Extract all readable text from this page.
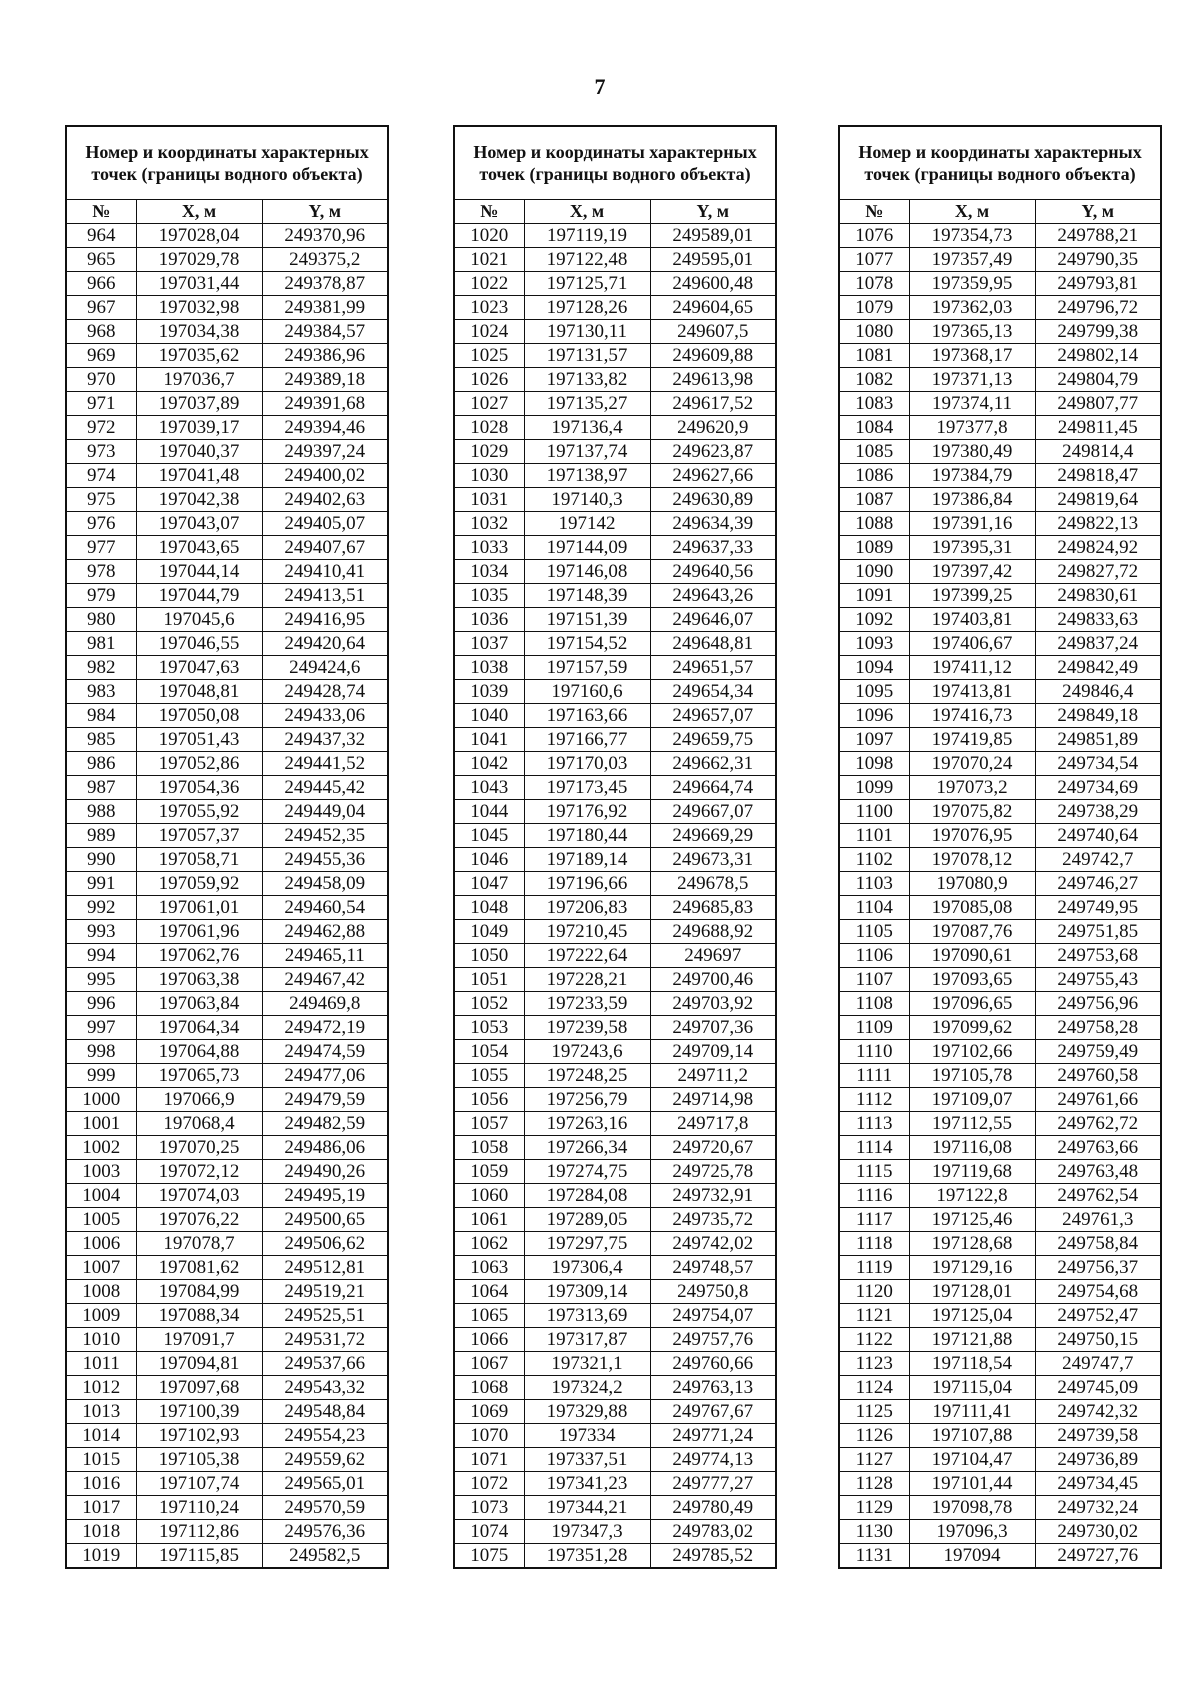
7
Номер и координаты характерных точек (границы водного объекта)		
№	X, м	Y, м
964	197028,04	249370,96
965	197029,78	249375,2
966	197031,44	249378,87
967	197032,98	249381,99
968	197034,38	249384,57
969	197035,62	249386,96
970	197036,7	249389,18
971	197037,89	249391,68
972	197039,17	249394,46
973	197040,37	249397,24
974	197041,48	249400,02
975	197042,38	249402,63
976	197043,07	249405,07
977	197043,65	249407,67
978	197044,14	249410,41
979	197044,79	249413,51
980	197045,6	249416,95
981	197046,55	249420,64
982	197047,63	249424,6
983	197048,81	249428,74
984	197050,08	249433,06
985	197051,43	249437,32
986	197052,86	249441,52
987	197054,36	249445,42
988	197055,92	249449,04
989	197057,37	249452,35
990	197058,71	249455,36
991	197059,92	249458,09
992	197061,01	249460,54
993	197061,96	249462,88
994	197062,76	249465,11
995	197063,38	249467,42
996	197063,84	249469,8
997	197064,34	249472,19
998	197064,88	249474,59
999	197065,73	249477,06
1000	197066,9	249479,59
1001	197068,4	249482,59
1002	197070,25	249486,06
1003	197072,12	249490,26
1004	197074,03	249495,19
1005	197076,22	249500,65
1006	197078,7	249506,62
1007	197081,62	249512,81
1008	197084,99	249519,21
1009	197088,34	249525,51
1010	197091,7	249531,72
1011	197094,81	249537,66
1012	197097,68	249543,32
1013	197100,39	249548,84
1014	197102,93	249554,23
1015	197105,38	249559,62
1016	197107,74	249565,01
1017	197110,24	249570,59
1018	197112,86	249576,36
1019	197115,85	249582,5
Номер и координаты характерных точек (границы водного объекта)		
№	X, м	Y, м
1020	197119,19	249589,01
1021	197122,48	249595,01
1022	197125,71	249600,48
1023	197128,26	249604,65
1024	197130,11	249607,5
1025	197131,57	249609,88
1026	197133,82	249613,98
1027	197135,27	249617,52
1028	197136,4	249620,9
1029	197137,74	249623,87
1030	197138,97	249627,66
1031	197140,3	249630,89
1032	197142	249634,39
1033	197144,09	249637,33
1034	197146,08	249640,56
1035	197148,39	249643,26
1036	197151,39	249646,07
1037	197154,52	249648,81
1038	197157,59	249651,57
1039	197160,6	249654,34
1040	197163,66	249657,07
1041	197166,77	249659,75
1042	197170,03	249662,31
1043	197173,45	249664,74
1044	197176,92	249667,07
1045	197180,44	249669,29
1046	197189,14	249673,31
1047	197196,66	249678,5
1048	197206,83	249685,83
1049	197210,45	249688,92
1050	197222,64	249697
1051	197228,21	249700,46
1052	197233,59	249703,92
1053	197239,58	249707,36
1054	197243,6	249709,14
1055	197248,25	249711,2
1056	197256,79	249714,98
1057	197263,16	249717,8
1058	197266,34	249720,67
1059	197274,75	249725,78
1060	197284,08	249732,91
1061	197289,05	249735,72
1062	197297,75	249742,02
1063	197306,4	249748,57
1064	197309,14	249750,8
1065	197313,69	249754,07
1066	197317,87	249757,76
1067	197321,1	249760,66
1068	197324,2	249763,13
1069	197329,88	249767,67
1070	197334	249771,24
1071	197337,51	249774,13
1072	197341,23	249777,27
1073	197344,21	249780,49
1074	197347,3	249783,02
1075	197351,28	249785,52
Номер и координаты характерных точек (границы водного объекта)		
№	X, м	Y, м
1076	197354,73	249788,21
1077	197357,49	249790,35
1078	197359,95	249793,81
1079	197362,03	249796,72
1080	197365,13	249799,38
1081	197368,17	249802,14
1082	197371,13	249804,79
1083	197374,11	249807,77
1084	197377,8	249811,45
1085	197380,49	249814,4
1086	197384,79	249818,47
1087	197386,84	249819,64
1088	197391,16	249822,13
1089	197395,31	249824,92
1090	197397,42	249827,72
1091	197399,25	249830,61
1092	197403,81	249833,63
1093	197406,67	249837,24
1094	197411,12	249842,49
1095	197413,81	249846,4
1096	197416,73	249849,18
1097	197419,85	249851,89
1098	197070,24	249734,54
1099	197073,2	249734,69
1100	197075,82	249738,29
1101	197076,95	249740,64
1102	197078,12	249742,7
1103	197080,9	249746,27
1104	197085,08	249749,95
1105	197087,76	249751,85
1106	197090,61	249753,68
1107	197093,65	249755,43
1108	197096,65	249756,96
1109	197099,62	249758,28
1110	197102,66	249759,49
1111	197105,78	249760,58
1112	197109,07	249761,66
1113	197112,55	249762,72
1114	197116,08	249763,66
1115	197119,68	249763,48
1116	197122,8	249762,54
1117	197125,46	249761,3
1118	197128,68	249758,84
1119	197129,16	249756,37
1120	197128,01	249754,68
1121	197125,04	249752,47
1122	197121,88	249750,15
1123	197118,54	249747,7
1124	197115,04	249745,09
1125	197111,41	249742,32
1126	197107,88	249739,58
1127	197104,47	249736,89
1128	197101,44	249734,45
1129	197098,78	249732,24
1130	197096,3	249730,02
1131	197094	249727,76
